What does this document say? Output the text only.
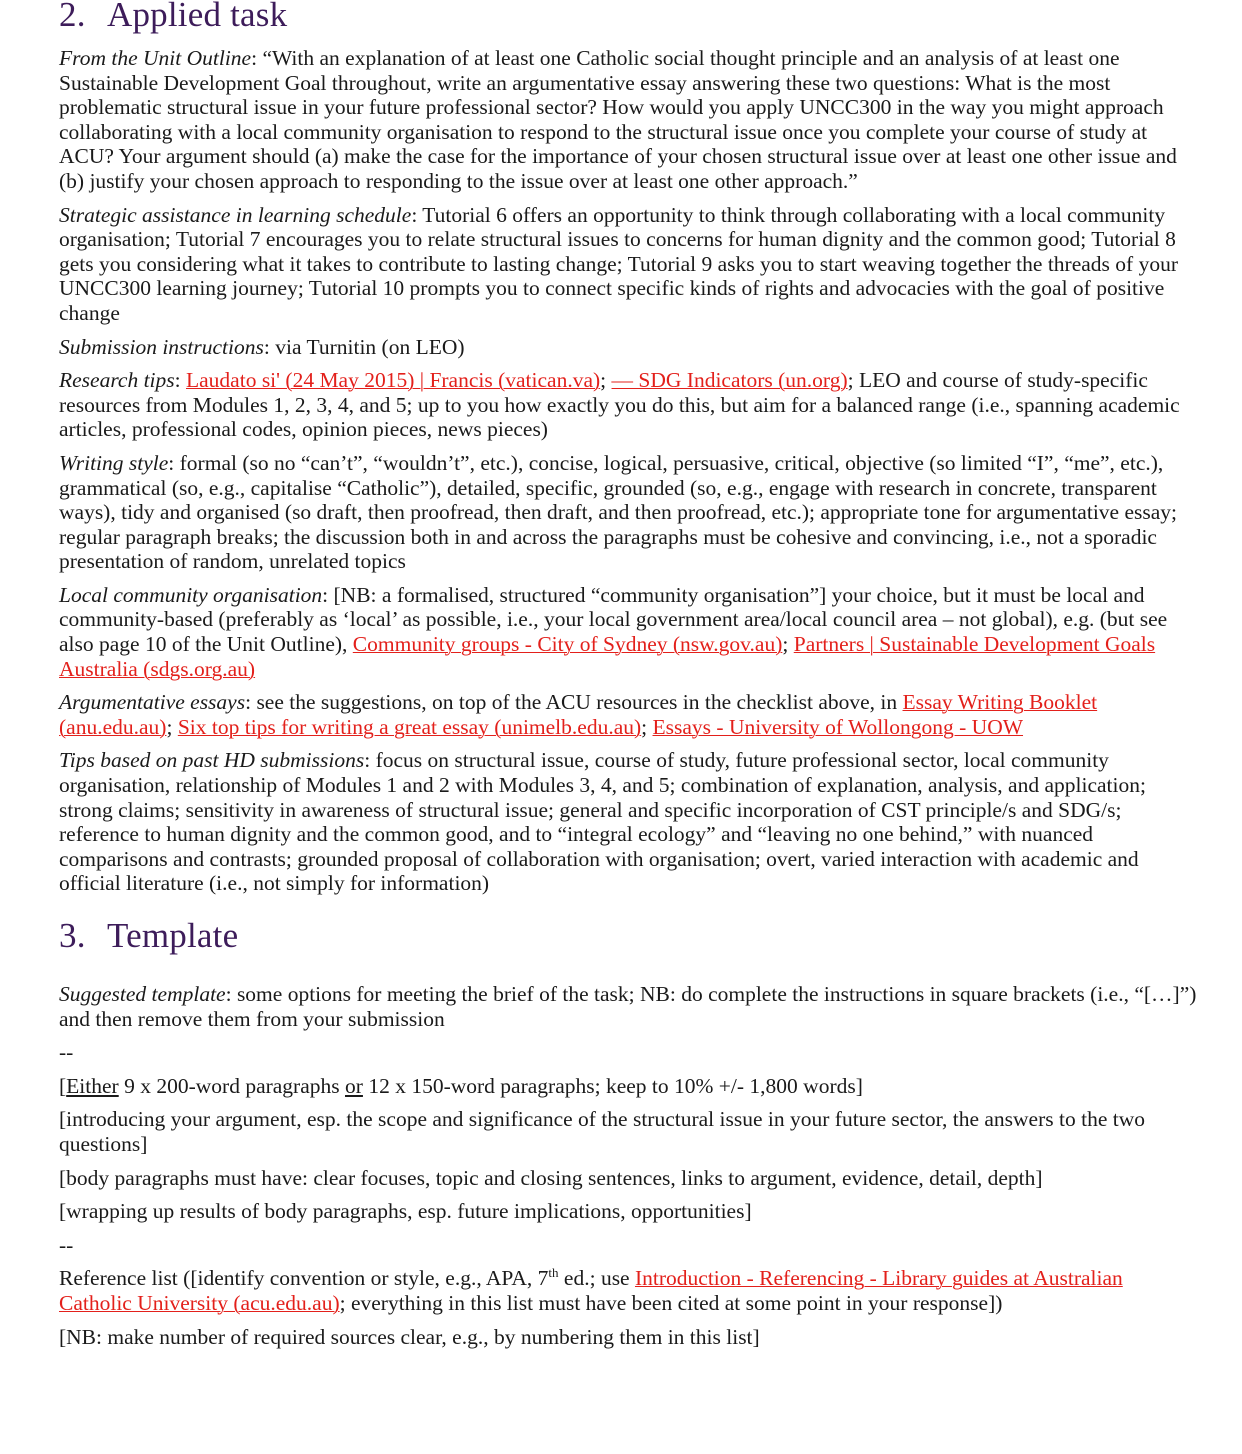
2. Applied task

From the Unit Outline: “With an explanation of at least one Catholic social thought principle and an analysis of at least one Sustainable Development Goal throughout, write an argumentative essay answering these two questions: What is the most problematic structural issue in your future professional sector? How would you apply UNCC300 in the way you might approach collaborating with a local community organisation to respond to the structural issue once you complete your course of study at ACU? Your argument should (a) make the case for the importance of your chosen structural issue over at least one other issue and (b) justify your chosen approach to responding to the issue over at least one other approach.”

Strategic assistance in learning schedule: Tutorial 6 offers an opportunity to think through collaborating with a local community organisation; Tutorial 7 encourages you to relate structural issues to concerns for human dignity and the common good; Tutorial 8 gets you considering what it takes to contribute to lasting change; Tutorial 9 asks you to start weaving together the threads of your UNCC300 learning journey; Tutorial 10 prompts you to connect specific kinds of rights and advocacies with the goal of positive change

Submission instructions: via Turnitin (on LEO)

Research tips: Laudato si' (24 May 2015) | Francis (vatican.va); — SDG Indicators (un.org); LEO and course of study-specific resources from Modules 1, 2, 3, 4, and 5; up to you how exactly you do this, but aim for a balanced range (i.e., spanning academic articles, professional codes, opinion pieces, news pieces)

Writing style: formal (so no “can’t”, “wouldn’t”, etc.), concise, logical, persuasive, critical, objective (so limited “I”, “me”, etc.), grammatical (so, e.g., capitalise “Catholic”), detailed, specific, grounded (so, e.g., engage with research in concrete, transparent ways), tidy and organised (so draft, then proofread, then draft, and then proofread, etc.); appropriate tone for argumentative essay; regular paragraph breaks; the discussion both in and across the paragraphs must be cohesive and convincing, i.e., not a sporadic presentation of random, unrelated topics

Local community organisation: [NB: a formalised, structured “community organisation”] your choice, but it must be local and community-based (preferably as ‘local’ as possible, i.e., your local government area/local council area – not global), e.g. (but see also page 10 of the Unit Outline), Community groups - City of Sydney (nsw.gov.au); Partners | Sustainable Development Goals Australia (sdgs.org.au)

Argumentative essays: see the suggestions, on top of the ACU resources in the checklist above, in Essay Writing Booklet (anu.edu.au); Six top tips for writing a great essay (unimelb.edu.au); Essays - University of Wollongong - UOW

Tips based on past HD submissions: focus on structural issue, course of study, future professional sector, local community organisation, relationship of Modules 1 and 2 with Modules 3, 4, and 5; combination of explanation, analysis, and application; strong claims; sensitivity in awareness of structural issue; general and specific incorporation of CST principle/s and SDG/s; reference to human dignity and the common good, and to “integral ecology” and “leaving no one behind,” with nuanced comparisons and contrasts; grounded proposal of collaboration with organisation; overt, varied interaction with academic and official literature (i.e., not simply for information)

3. Template

Suggested template: some options for meeting the brief of the task; NB: do complete the instructions in square brackets (i.e., “[…]”) and then remove them from your submission

--

[Either 9 x 200-word paragraphs or 12 x 150-word paragraphs; keep to 10% +/- 1,800 words]

[introducing your argument, esp. the scope and significance of the structural issue in your future sector, the answers to the two questions]

[body paragraphs must have: clear focuses, topic and closing sentences, links to argument, evidence, detail, depth]

[wrapping up results of body paragraphs, esp. future implications, opportunities]

--

Reference list ([identify convention or style, e.g., APA, 7th ed.; use Introduction - Referencing - Library guides at Australian Catholic University (acu.edu.au); everything in this list must have been cited at some point in your response])

[NB: make number of required sources clear, e.g., by numbering them in this list]
